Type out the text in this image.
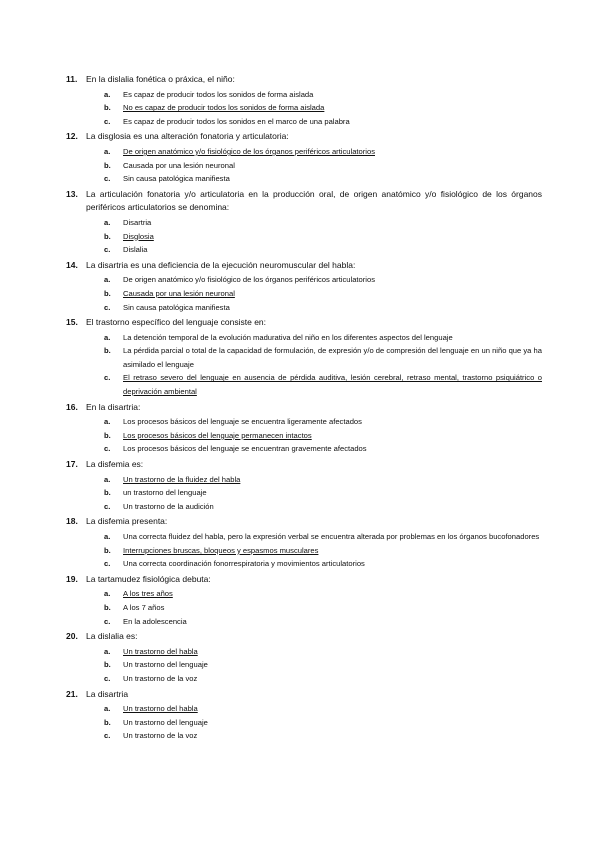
11.	En la dislalia fonética o práxica, el niño:
a.	Es capaz de producir todos los sonidos de forma aislada
b.	No es capaz de producir todos los sonidos de forma aislada
c.	Es capaz de producir todos los sonidos en el marco de una palabra
12. La disglosia es una alteración fonatoria y articulatoria:
a.	De origen anatómico y/o fisiológico de los órganos periféricos articulatorios
b.	Causada por una lesión neuronal
c.	Sin causa patológica manifiesta
13. La articulación fonatoria y/o articulatoria en la producción oral, de origen anatómico y/o fisiológico de los órganos periféricos articulatorios se denomina:
a.	Disartria
b.	Disglosia
c.	Dislalia
14. La disartria es una deficiencia de la ejecución neuromuscular del habla:
a.	De origen anatómico y/o fisiológico de los órganos periféricos articulatorios
b.	Causada por una lesión neuronal
c.	Sin causa patológica manifiesta
15. El trastorno específico del lenguaje consiste en:
a.	La detención temporal de la evolución madurativa del niño en los diferentes aspectos del lenguaje
b.	La pérdida parcial o total de la capacidad de formulación, de expresión y/o de compresión del lenguaje en un niño que ya ha asimilado el lenguaje
c.	El retraso severo del lenguaje en ausencia de pérdida auditiva, lesión cerebral, retraso mental, trastorno psiquiátrico o deprivación ambiental
16. En la disartria:
a.	Los procesos básicos del lenguaje se encuentra ligeramente afectados
b.	Los procesos básicos del lenguaje permanecen intactos
c.	Los procesos básicos del lenguaje se encuentran gravemente afectados
17. La disfemia es:
a.	Un trastorno de la fluidez del habla
b.	un trastorno del lenguaje
c.	Un trastorno de la audición
18. La disfemia presenta:
a.	Una correcta fluidez del habla, pero la expresión verbal se encuentra alterada por problemas en los órganos bucofonadores
b.	Interrupciones bruscas, bloqueos y espasmos musculares
c.	Una correcta coordinación fonorrespiratoria y movimientos articulatorios
19. La tartamudez fisiológica debuta:
a.	A los tres años
b.	A los 7 años
c.	En la adolescencia
20. La dislalia es:
a.	Un trastorno del habla
b.	Un trastorno del lenguaje
c.	Un trastorno de la voz
21. La disartria
a.	Un trastorno del habla
b.	Un trastorno del lenguaje
c.	Un trastorno de la voz
